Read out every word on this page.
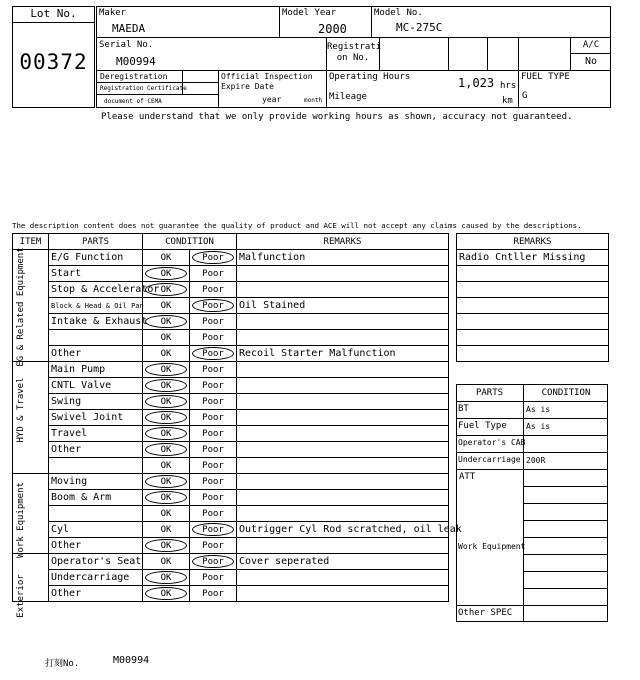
Lot No.
00372
Maker
MAEDA
Model Year
2000
Model No.
MC-275C
Serial No.
M00994
Registrati
on No.
A/C
No
Deregistration
Registration Certificate
document of CEMA
Official Inspection
Expire Date
year	month
Operating Hours	1,023 hrs
Mileage	km
FUEL TYPE
G
Please understand that we only provide working hours as shown, accuracy not guaranteed.
The description content does not guarantee the quality of product and ACE will not accept any claims caused by the descriptions.
ITEM	PARTS	CONDITION		REMARKS
	E/G Function	OK	Poor	Malfunction
	Start	OK	Poor	
	Stop & Accelerator	OK	Poor	
	Block & Head & Oil Pan	OK	Poor	Oil Stained
	Intake & Exhaust	OK	Poor	
		OK	Poor	
	Other	OK	Poor	Recoil Starter Malfunction
	Main Pump	OK	Poor	
	CNTL Valve	OK	Poor	
	Swing	OK	Poor	
	Swivel Joint	OK	Poor	
	Travel	OK	Poor	
	Other	OK	Poor	
		OK	Poor	
	Moving	OK	Poor	
	Boom & Arm	OK	Poor	
		OK	Poor	
	Cyl	OK	Poor	Outrigger Cyl Rod scratched, oil leak
	Other	OK	Poor	
	Operator's Seat	OK	Poor	Cover seperated
	Undercarriage	OK	Poor	
	Other	OK	Poor	
EG & Related Equipment
HYD & Travel
Work Equipment
Exterior
REMARKS
Radio Cntller Missing

PARTS	CONDITION
BT	As is
Fuel Type As is
Operator's CAB
Undercarriage 200R
ATT
Work Equipment
Other SPEC
打刻No.	M00994
